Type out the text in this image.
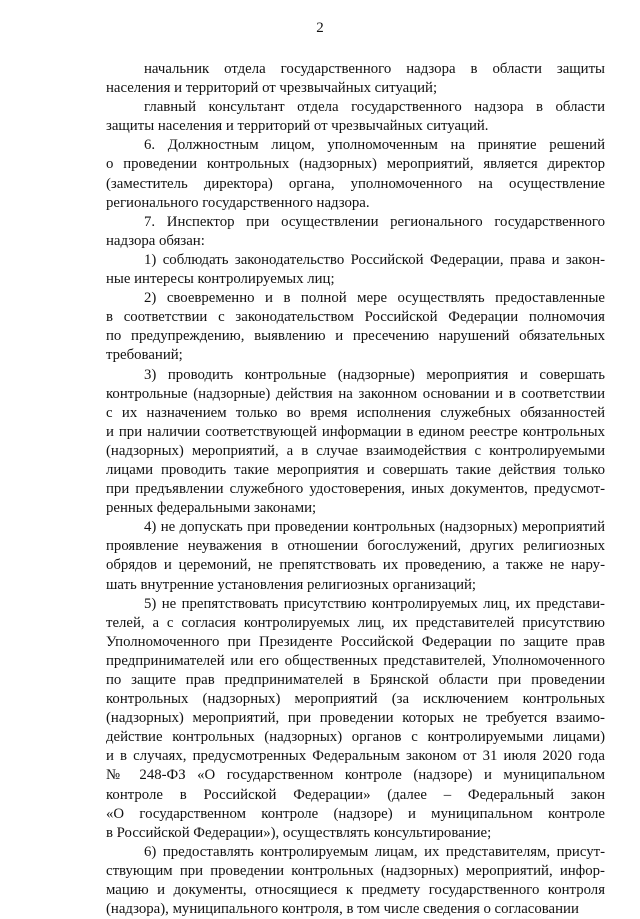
2
начальник отдела государственного надзора в области защиты
населения и территорий от чрезвычайных ситуаций;
главный консультант отдела государственного надзора в области
защиты населения и территорий от чрезвычайных ситуаций.
6. Должностным лицом, уполномоченным на принятие решений
о проведении контрольных (надзорных) мероприятий, является директор
(заместитель директора) органа, уполномоченного на осуществление
регионального государственного надзора.
7. Инспектор при осуществлении регионального государственного
надзора обязан:
1) соблюдать законодательство Российской Федерации, права и закон-
ные интересы контролируемых лиц;
2) своевременно и в полной мере осуществлять предоставленные
в соответствии с законодательством Российской Федерации полномочия
по предупреждению, выявлению и пресечению нарушений обязательных
требований;
3) проводить контрольные (надзорные) мероприятия и совершать
контрольные (надзорные) действия на законном основании и в соответствии
с их назначением только во время исполнения служебных обязанностей
и при наличии соответствующей информации в едином реестре контрольных
(надзорных) мероприятий, а в случае взаимодействия с контролируемыми
лицами проводить такие мероприятия и совершать такие действия только
при предъявлении служебного удостоверения, иных документов, предусмот-
ренных федеральными законами;
4) не допускать при проведении контрольных (надзорных) мероприятий
проявление неуважения в отношении богослужений, других религиозных
обрядов и церемоний, не препятствовать их проведению, а также не нару-
шать внутренние установления религиозных организаций;
5) не препятствовать присутствию контролируемых лиц, их представи-
телей, а с согласия контролируемых лиц, их представителей присутствию
Уполномоченного при Президенте Российской Федерации по защите прав
предпринимателей или его общественных представителей, Уполномоченного
по защите прав предпринимателей в Брянской области при проведении
контрольных (надзорных) мероприятий (за исключением контрольных
(надзорных) мероприятий, при проведении которых не требуется взаимо-
действие контрольных (надзорных) органов с контролируемыми лицами)
и в случаях, предусмотренных Федеральным законом от 31 июля 2020 года
№ 248-ФЗ «О государственном контроле (надзоре) и муниципальном
контроле в Российской Федерации» (далее – Федеральный закон
«О государственном контроле (надзоре) и муниципальном контроле
в Российской Федерации»), осуществлять консультирование;
6) предоставлять контролируемым лицам, их представителям, присут-
ствующим при проведении контрольных (надзорных) мероприятий, инфор-
мацию и документы, относящиеся к предмету государственного контроля
(надзора), муниципального контроля, в том числе сведения о согласовании
